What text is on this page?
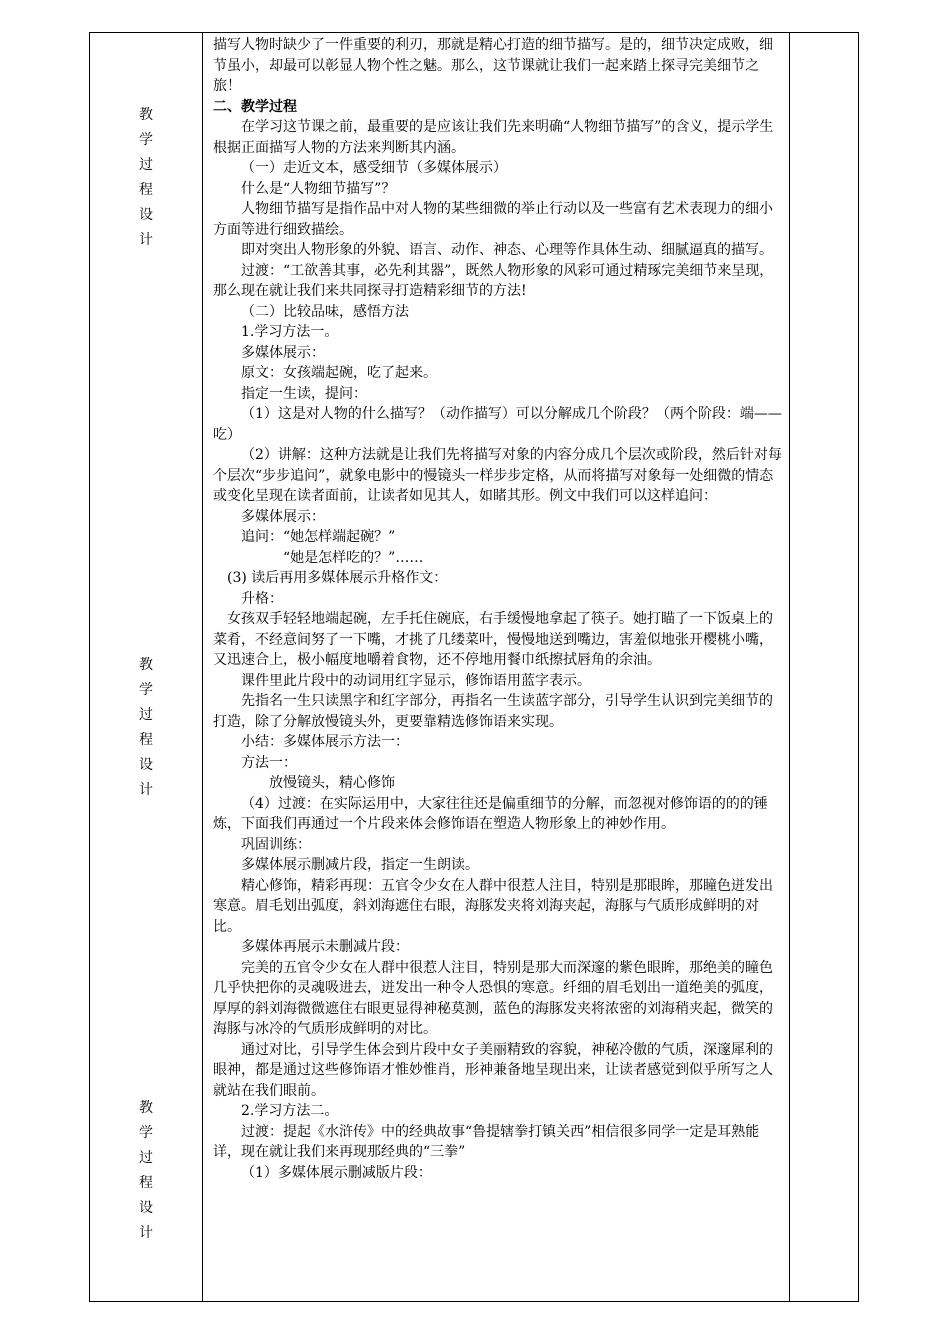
教
学
过
程
设
计
教
学
过
程
设
计
教
学
过
程
设
计

描写人物时缺少了一件重要的利刃，那就是精心打造的细节描写。是的，细节决定成败，细节虽小，却最可以彰显人物个性之魅。那么，这节课就让我们一起来踏上探寻完美细节之旅！

二、教学过程

在学习这节课之前，最重要的是应该让我们先来明确“人物细节描写”的含义，提示学生根据正面描写人物的方法来判断其内涵。

（一）走近文本，感受细节（多媒体展示）

什么是“人物细节描写”？

人物细节描写是指作品中对人物的某些细微的举止行动以及一些富有艺术表现力的细小方面等进行细致描绘。

即对突出人物形象的外貌、语言、动作、神态、心理等作具体生动、细腻逼真的描写。

过渡：“工欲善其事，必先利其器”，既然人物形象的风彩可通过精琢完美细节来呈现，那么现在就让我们来共同探寻打造精彩细节的方法!

（二）比较品味，感悟方法

1.学习方法一。

多媒体展示：

原文：女孩端起碗，吃了起来。

指定一生读，提问：

（1）这是对人物的什么描写？（动作描写）可以分解成几个阶段？（两个阶段：端——吃）

（2）讲解：这种方法就是让我们先将描写对象的内容分成几个层次或阶段，然后针对每个层次“步步追问”，就象电影中的慢镜头一样步步定格，从而将描写对象每一处细微的情态或变化呈现在读者面前，让读者如见其人，如睹其形。例文中我们可以这样追问：

多媒体展示：

追问：“她怎样端起碗？”

“她是怎样吃的？”……

(3) 读后再用多媒体展示升格作文：

升格：

女孩双手轻轻地端起碗，左手托住碗底，右手缓慢地拿起了筷子。她打瞄了一下饭桌上的菜肴，不经意间努了一下嘴，才挑了几缕菜叶，慢慢地送到嘴边，害羞似地张开樱桃小嘴，又迅速合上，极小幅度地嚼着食物，还不停地用餐巾纸擦拭唇角的余油。

课件里此片段中的动词用红字显示，修饰语用蓝字表示。

先指名一生只读黑字和红字部分，再指名一生读蓝字部分，引导学生认识到完美细节的打造，除了分解放慢镜头外，更要靠精选修饰语来实现。

小结：多媒体展示方法一：

方法一：

放慢镜头，精心修饰

（4）过渡：在实际运用中，大家往往还是偏重细节的分解，而忽视对修饰语的的的锤炼，下面我们再通过一个片段来体会修饰语在塑造人物形象上的神妙作用。

巩固训练：

多媒体展示删减片段，指定一生朗读。

精心修饰，精彩再现：五官令少女在人群中很惹人注目，特别是那眼眸，那瞳色迸发出寒意。眉毛划出弧度，斜刘海遮住右眼，海豚发夹将刘海夹起，海豚与气质形成鲜明的对比。

多媒体再展示未删减片段：

完美的五官令少女在人群中很惹人注目，特别是那大而深邃的紫色眼眸，那绝美的瞳色几乎快把你的灵魂吸进去，迸发出一种令人恐惧的寒意。纤细的眉毛划出一道绝美的弧度，厚厚的斜刘海微微遮住右眼更显得神秘莫测，蓝色的海豚发夹将浓密的刘海稍夹起，微笑的海豚与冰冷的气质形成鲜明的对比。

通过对比，引导学生体会到片段中女子美丽精致的容貌，神秘冷傲的气质，深邃犀利的眼神，都是通过这些修饰语才惟妙惟肖，形神兼备地呈现出来，让读者感觉到似乎所写之人就站在我们眼前。

2.学习方法二。

过渡：提起《水浒传》中的经典故事“鲁提辖拳打镇关西”相信很多同学一定是耳熟能详，现在就让我们来再现那经典的“三拳”

（1）多媒体展示删减版片段：
